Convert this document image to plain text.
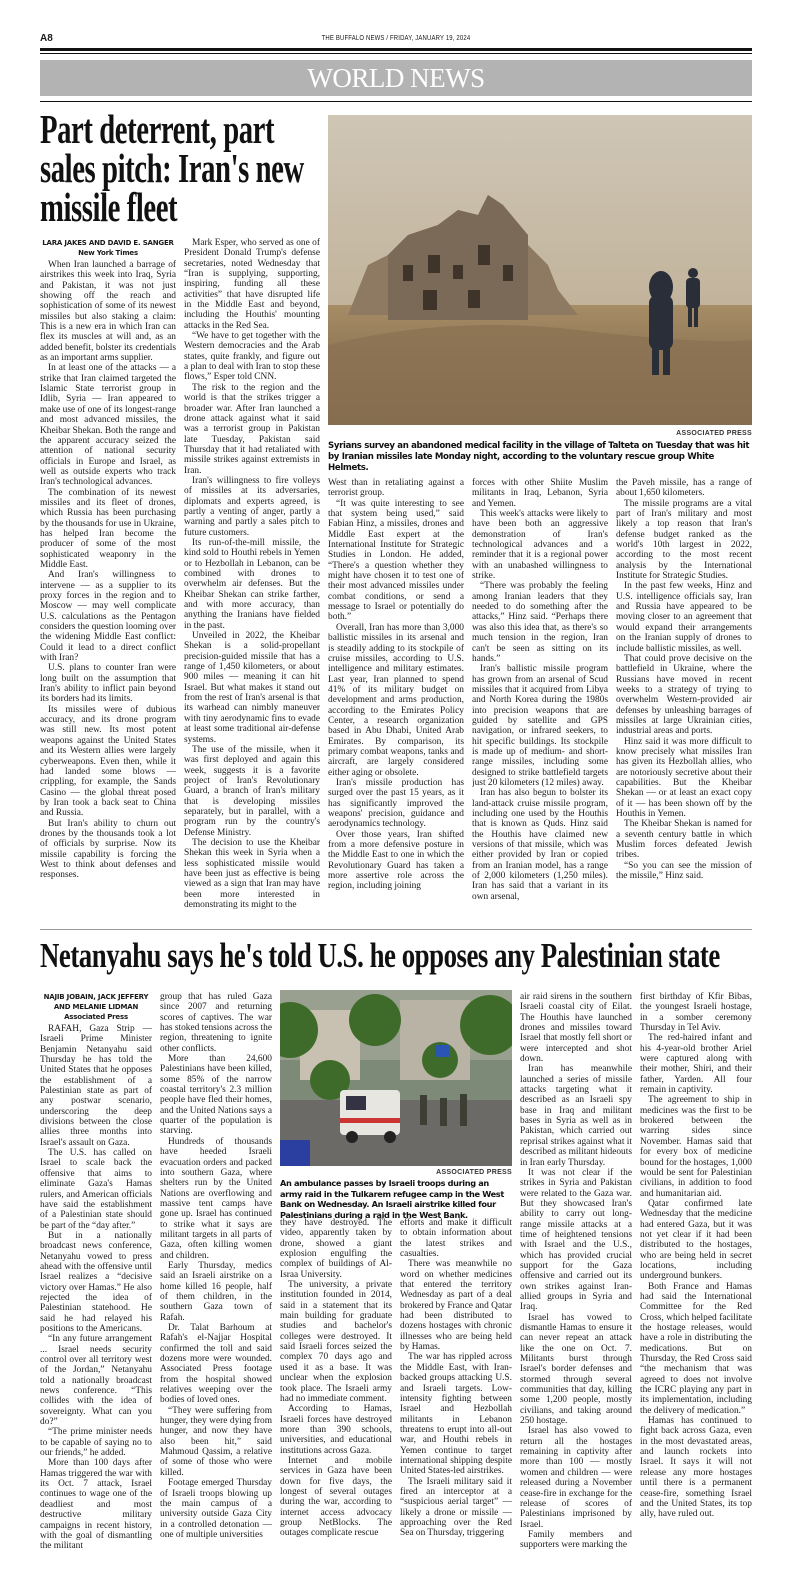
A8	THE BUFFALO NEWS / FRIDAY, JANUARY 19, 2024
WORLD NEWS
Part deterrent, part sales pitch: Iran's new missile fleet
ASSOCIATED PRESS
Syrians survey an abandoned medical facility in the village of Talteta on Tuesday that was hit by Iranian missiles late Monday night, according to the voluntary rescue group White Helmets.
LARA JAKES AND DAVID E. SANGER
New York Times

When Iran launched a barrage of airstrikes this week into Iraq, Syria and Pakistan, it was not just showing off the reach and sophistication of some of its newest missiles but also staking a claim: This is a new era in which Iran can flex its muscles at will and, as an added benefit, bolster its credentials as an important arms supplier.

In at least one of the attacks — a strike that Iran claimed targeted the Islamic State terrorist group in Idlib, Syria — Iran appeared to make use of one of its longest-range and most advanced missiles, the Kheibar Shekan. Both the range and the apparent accuracy seized the attention of national security officials in Europe and Israel, as well as outside experts who track Iran's technological advances.

The combination of its newest missiles and its fleet of drones, which Russia has been purchasing by the thousands for use in Ukraine, has helped Iran become the producer of some of the most sophisticated weaponry in the Middle East.

And Iran's willingness to intervene — as a supplier to its proxy forces in the region and to Moscow — may well complicate U.S. calculations as the Pentagon considers the question looming over the widening Middle East conflict: Could it lead to a direct conflict with Iran?

U.S. plans to counter Iran were long built on the assumption that Iran's ability to inflict pain beyond its borders had its limits.

Its missiles were of dubious accuracy, and its drone program was still new. Its most potent weapons against the United States and its Western allies were largely cyberweapons. Even then, while it had landed some blows — crippling, for example, the Sands Casino — the global threat posed by Iran took a back seat to China and Russia.

But Iran's ability to churn out drones by the thousands took a lot of officials by surprise. Now its missile capability is forcing the West to think about defenses and responses.

Mark Esper, who served as one of President Donald Trump's defense secretaries, noted Wednesday that “Iran is supplying, supporting, inspiring, funding all these activities” that have disrupted life in the Middle East and beyond, including the Houthis' mounting attacks in the Red Sea.

“We have to get together with the Western democracies and the Arab states, quite frankly, and figure out a plan to deal with Iran to stop these flows,” Esper told CNN.

The risk to the region and the world is that the strikes trigger a broader war. After Iran launched a drone attack against what it said was a terrorist group in Pakistan late Tuesday, Pakistan said Thursday that it had retaliated with missile strikes against extremists in Iran.

Iran's willingness to fire volleys of missiles at its adversaries, diplomats and experts agreed, is partly a venting of anger, partly a warning and partly a sales pitch to future customers.

Its run-of-the-mill missile, the kind sold to Houthi rebels in Yemen or to Hezbollah in Lebanon, can be combined with drones to overwhelm air defenses. But the Kheibar Shekan can strike farther, and with more accuracy, than anything the Iranians have fielded in the past.

Unveiled in 2022, the Kheibar Shekan is a solid-propellant precision-guided missile that has a range of 1,450 kilometers, or about 900 miles — meaning it can hit Israel. But what makes it stand out from the rest of Iran's arsenal is that its warhead can nimbly maneuver with tiny aerodynamic fins to evade at least some traditional air-defense systems.

The use of the missile, when it was first deployed and again this week, suggests it is a favorite project of Iran's Revolutionary Guard, a branch of Iran's military that is developing missiles separately, but in parallel, with a program run by the country's Defense Ministry.

The decision to use the Kheibar Shekan this week in Syria when a less sophisticated missile would have been just as effective is being viewed as a sign that Iran may have been more interested in demonstrating its might to the

West than in retaliating against a terrorist group.

“It was quite interesting to see that system being used,” said Fabian Hinz, a missiles, drones and Middle East expert at the International Institute for Strategic Studies in London. He added, “There's a question whether they might have chosen it to test one of their most advanced missiles under combat conditions, or send a message to Israel or potentially do both.”

Overall, Iran has more than 3,000 ballistic missiles in its arsenal and is steadily adding to its stockpile of cruise missiles, according to U.S. intelligence and military estimates. Last year, Iran planned to spend 41% of its military budget on development and arms production, according to the Emirates Policy Center, a research organization based in Abu Dhabi, United Arab Emirates. By comparison, its primary combat weapons, tanks and aircraft, are largely considered either aging or obsolete.

Iran's missile production has surged over the past 15 years, as it has significantly improved the weapons' precision, guidance and aerodynamics technology.

Over those years, Iran shifted from a more defensive posture in the Middle East to one in which the Revolutionary Guard has taken a more assertive role across the region, including joining

forces with other Shiite Muslim militants in Iraq, Lebanon, Syria and Yemen.

This week's attacks were likely to have been both an aggressive demonstration of Iran's technological advances and a reminder that it is a regional power with an unabashed willingness to strike.

“There was probably the feeling among Iranian leaders that they needed to do something after the attacks,” Hinz said. “Perhaps there was also this idea that, as there's so much tension in the region, Iran can't be seen as sitting on its hands.”

Iran's ballistic missile program has grown from an arsenal of Scud missiles that it acquired from Libya and North Korea during the 1980s into precision weapons that are guided by satellite and GPS navigation, or infrared seekers, to hit specific buildings. Its stockpile is made up of medium- and short-range missiles, including some designed to strike battlefield targets just 20 kilometers (12 miles) away.

Iran has also begun to bolster its land-attack cruise missile program, including one used by the Houthis that is known as Quds. Hinz said the Houthis have claimed new versions of that missile, which was either provided by Iran or copied from an Iranian model, has a range of 2,000 kilometers (1,250 miles). Iran has said that a variant in its own arsenal,

the Paveh missile, has a range of about 1,650 kilometers.

The missile programs are a vital part of Iran's military and most likely a top reason that Iran's defense budget ranked as the world's 10th largest in 2022, according to the most recent analysis by the International Institute for Strategic Studies.

In the past few weeks, Hinz and U.S. intelligence officials say, Iran and Russia have appeared to be moving closer to an agreement that would expand their arrangements on the Iranian supply of drones to include ballistic missiles, as well.

That could prove decisive on the battlefield in Ukraine, where the Russians have moved in recent weeks to a strategy of trying to overwhelm Western-provided air defenses by unleashing barrages of missiles at large Ukrainian cities, industrial areas and ports.

Hinz said it was more difficult to know precisely what missiles Iran has given its Hezbollah allies, who are notoriously secretive about their capabilities. But the Kheibar Shekan — or at least an exact copy of it — has been shown off by the Houthis in Yemen.

The Kheibar Shekan is named for a seventh century battle in which Muslim forces defeated Jewish tribes.

“So you can see the mission of the missile,” Hinz said.

Netanyahu says he's told U.S. he opposes any Palestinian state
ASSOCIATED PRESS
An ambulance passes by Israeli troops during an army raid in the Tulkarem refugee camp in the West Bank on Wednesday. An Israeli airstrike killed four Palestinians during a raid in the West Bank.
NAJIB JOBAIN, JACK JEFFERY AND MELANIE LIDMAN
Associated Press

RAFAH, Gaza Strip — Israeli Prime Minister Benjamin Netanyahu said Thursday he has told the United States that he opposes the establishment of a Palestinian state as part of any postwar scenario, underscoring the deep divisions between the close allies three months into Israel's assault on Gaza.

The U.S. has called on Israel to scale back the offensive that aims to eliminate Gaza's Hamas rulers, and American officials have said the establishment of a Palestinian state should be part of the “day after.”

But in a nationally broadcast news conference, Netanyahu vowed to press ahead with the offensive until Israel realizes a “decisive victory over Hamas.” He also rejected the idea of Palestinian statehood. He said he had relayed his positions to the Americans.

“In any future arrangement ... Israel needs security control over all territory west of the Jordan,” Netanyahu told a nationally broadcast news conference. “This collides with the idea of sovereignty. What can you do?”

“The prime minister needs to be capable of saying no to our friends,” he added.

More than 100 days after Hamas triggered the war with its Oct. 7 attack, Israel continues to wage one of the deadliest and most destructive military campaigns in recent history, with the goal of dismantling the militant

group that has ruled Gaza since 2007 and returning scores of captives. The war has stoked tensions across the region, threatening to ignite other conflicts.

More than 24,600 Palestinians have been killed, some 85% of the narrow coastal territory's 2.3 million people have fled their homes, and the United Nations says a quarter of the population is starving.

Hundreds of thousands have heeded Israeli evacuation orders and packed into southern Gaza, where shelters run by the United Nations are overflowing and massive tent camps have gone up. Israel has continued to strike what it says are militant targets in all parts of Gaza, often killing women and children.

Early Thursday, medics said an Israeli airstrike on a home killed 16 people, half of them children, in the southern Gaza town of Rafah.

Dr. Talat Barhoum at Rafah's el-Najjar Hospital confirmed the toll and said dozens more were wounded. Associated Press footage from the hospital showed relatives weeping over the bodies of loved ones.

“They were suffering from hunger, they were dying from hunger, and now they have also been hit,” said Mahmoud Qassim, a relative of some of those who were killed.

Footage emerged Thursday of Israeli troops blowing up the main campus of a university outside Gaza City in a controlled detonation — one of multiple universities

they have destroyed. The video, apparently taken by drone, showed a giant explosion engulfing the complex of buildings of Al-Israa University.

The university, a private institution founded in 2014, said in a statement that its main building for graduate studies and bachelor's colleges were destroyed. It said Israeli forces seized the complex 70 days ago and used it as a base. It was unclear when the explosion took place. The Israeli army had no immediate comment.

According to Hamas, Israeli forces have destroyed more than 390 schools, universities, and educational institutions across Gaza.

Internet and mobile services in Gaza have been down for five days, the longest of several outages during the war, according to internet access advocacy group NetBlocks. The outages complicate rescue

efforts and make it difficult to obtain information about the latest strikes and casualties.

There was meanwhile no word on whether medicines that entered the territory Wednesday as part of a deal brokered by France and Qatar had been distributed to dozens hostages with chronic illnesses who are being held by Hamas.

The war has rippled across the Middle East, with Iran-backed groups attacking U.S. and Israeli targets. Low-intensity fighting between Israel and Hezbollah militants in Lebanon threatens to erupt into all-out war, and Houthi rebels in Yemen continue to target international shipping despite United States-led airstrikes.

The Israeli military said it fired an interceptor at a “suspicious aerial target” — likely a drone or missile — approaching over the Red Sea on Thursday, triggering

air raid sirens in the southern Israeli coastal city of Eilat. The Houthis have launched drones and missiles toward Israel that mostly fell short or were intercepted and shot down.

Iran has meanwhile launched a series of missile attacks targeting what it described as an Israeli spy base in Iraq and militant bases in Syria as well as in Pakistan, which carried out reprisal strikes against what it described as militant hideouts in Iran early Thursday.

It was not clear if the strikes in Syria and Pakistan were related to the Gaza war. But they showcased Iran's ability to carry out long-range missile attacks at a time of heightened tensions with Israel and the U.S., which has provided crucial support for the Gaza offensive and carried out its own strikes against Iran-allied groups in Syria and Iraq.

Israel has vowed to dismantle Hamas to ensure it can never repeat an attack like the one on Oct. 7. Militants burst through Israel's border defenses and stormed through several communities that day, killing some 1,200 people, mostly civilians, and taking around 250 hostage.

Israel has also vowed to return all the hostages remaining in captivity after more than 100 — mostly women and children — were released during a November cease-fire in exchange for the release of scores of Palestinians imprisoned by Israel.

Family members and supporters were marking the

first birthday of Kfir Bibas, the youngest Israeli hostage, in a somber ceremony Thursday in Tel Aviv.

The red-haired infant and his 4-year-old brother Ariel were captured along with their mother, Shiri, and their father, Yarden. All four remain in captivity.

The agreement to ship in medicines was the first to be brokered between the warring sides since November. Hamas said that for every box of medicine bound for the hostages, 1,000 would be sent for Palestinian civilians, in addition to food and humanitarian aid.

Qatar confirmed late Wednesday that the medicine had entered Gaza, but it was not yet clear if it had been distributed to the hostages, who are being held in secret locations, including underground bunkers.

Both France and Hamas had said the International Committee for the Red Cross, which helped facilitate the hostage releases, would have a role in distributing the medications. But on Thursday, the Red Cross said “the mechanism that was agreed to does not involve the ICRC playing any part in its implementation, including the delivery of medication.”

Hamas has continued to fight back across Gaza, even in the most devastated areas, and launch rockets into Israel. It says it will not release any more hostages until there is a permanent cease-fire, something Israel and the United States, its top ally, have ruled out.
